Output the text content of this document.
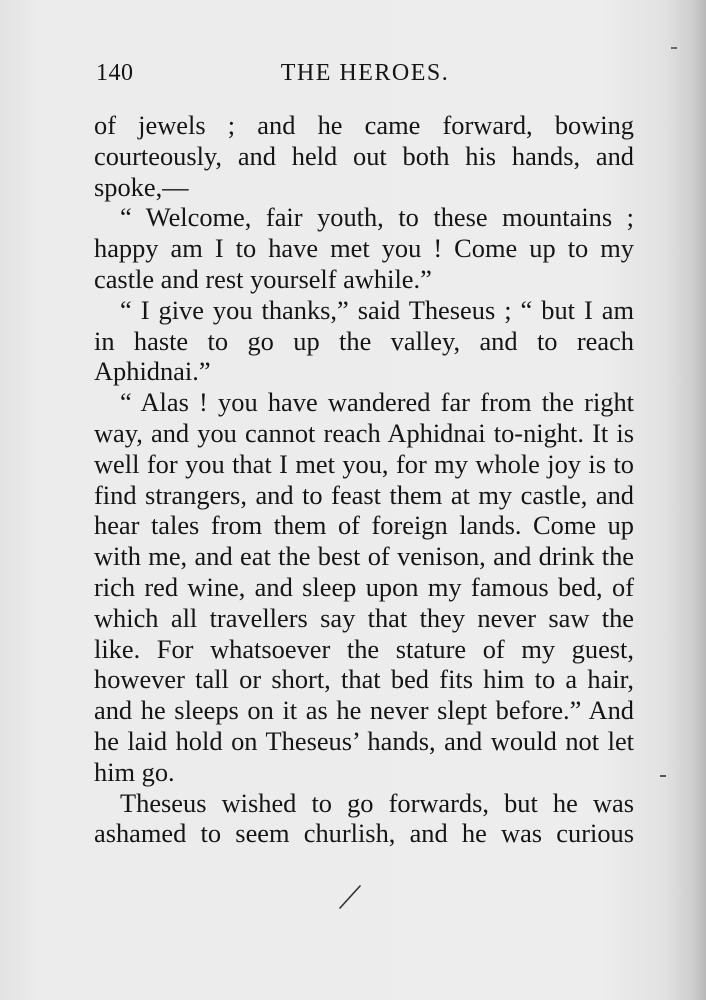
140	THE HEROES.

of jewels ; and he came forward, bowing courteously, and held out both his hands, and spoke,—

“ Welcome, fair youth, to these mountains ; happy am I to have met you ! Come up to my castle and rest yourself awhile.”

“ I give you thanks,” said Theseus ; “ but I am in haste to go up the valley, and to reach Aphidnai.”

“ Alas ! you have wandered far from the right way, and you cannot reach Aphidnai to-night. It is well for you that I met you, for my whole joy is to find strangers, and to feast them at my castle, and hear tales from them of foreign lands. Come up with me, and eat the best of venison, and drink the rich red wine, and sleep upon my famous bed, of which all travellers say that they never saw the like. For whatsoever the stature of my guest, however tall or short, that bed fits him to a hair, and he sleeps on it as he never slept before.” And he laid hold on Theseus’ hands, and would not let him go.

Theseus wished to go forwards, but he was ashamed to seem churlish, and he was curious
